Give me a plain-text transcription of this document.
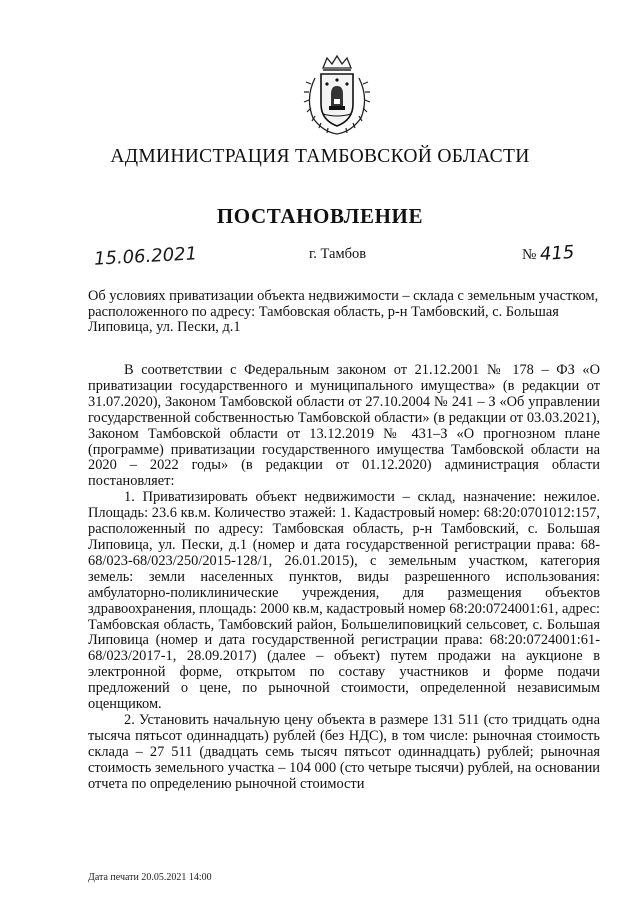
АДМИНИСТРАЦИЯ ТАМБОВСКОЙ ОБЛАСТИ
ПОСТАНОВЛЕНИЕ
15.06.2021	г. Тамбов	№ 415
Об условиях приватизации объекта недвижимости – склада с земельным участком, расположенного по адресу: Тамбовская область, р-н Тамбовский, с. Большая Липовица, ул. Пески, д.1

В соответствии с Федеральным законом от 21.12.2001 № 178 – ФЗ «О приватизации государственного и муниципального имущества» (в редакции от 31.07.2020), Законом Тамбовской области от 27.10.2004 № 241 – З «Об управлении государственной собственностью Тамбовской области» (в редакции от 03.03.2021), Законом Тамбовской области от 13.12.2019 № 431–З «О прогнозном плане (программе) приватизации государственного имущества Тамбовской области на 2020 – 2022 годы» (в редакции от 01.12.2020) администрация области постановляет:

1. Приватизировать объект недвижимости – склад, назначение: нежилое. Площадь: 23.6 кв.м. Количество этажей: 1. Кадастровый номер: 68:20:0701012:157, расположенный по адресу: Тамбовская область, р-н Тамбовский, с. Большая Липовица, ул. Пески, д.1 (номер и дата государственной регистрации права: 68-68/023-68/023/250/2015-128/1, 26.01.2015), с земельным участком, категория земель: земли населенных пунктов, виды разрешенного использования: амбулаторно-поликлинические учреждения, для размещения объектов здравоохранения, площадь: 2000 кв.м, кадастровый номер 68:20:0724001:61, адрес: Тамбовская область, Тамбовский район, Большелиповицкий сельсовет, с. Большая Липовица (номер и дата государственной регистрации права: 68:20:0724001:61-68/023/2017-1, 28.09.2017) (далее – объект) путем продажи на аукционе в электронной форме, открытом по составу участников и форме подачи предложений о цене, по рыночной стоимости, определенной независимым оценщиком.

2. Установить начальную цену объекта в размере 131 511 (сто тридцать одна тысяча пятьсот одиннадцать) рублей (без НДС), в том числе: рыночная стоимость склада – 27 511 (двадцать семь тысяч пятьсот одиннадцать) рублей; рыночная стоимость земельного участка – 104 000 (сто четыре тысячи) рублей, на основании отчета по определению рыночной стоимости

Дата печати 20.05.2021 14:00
